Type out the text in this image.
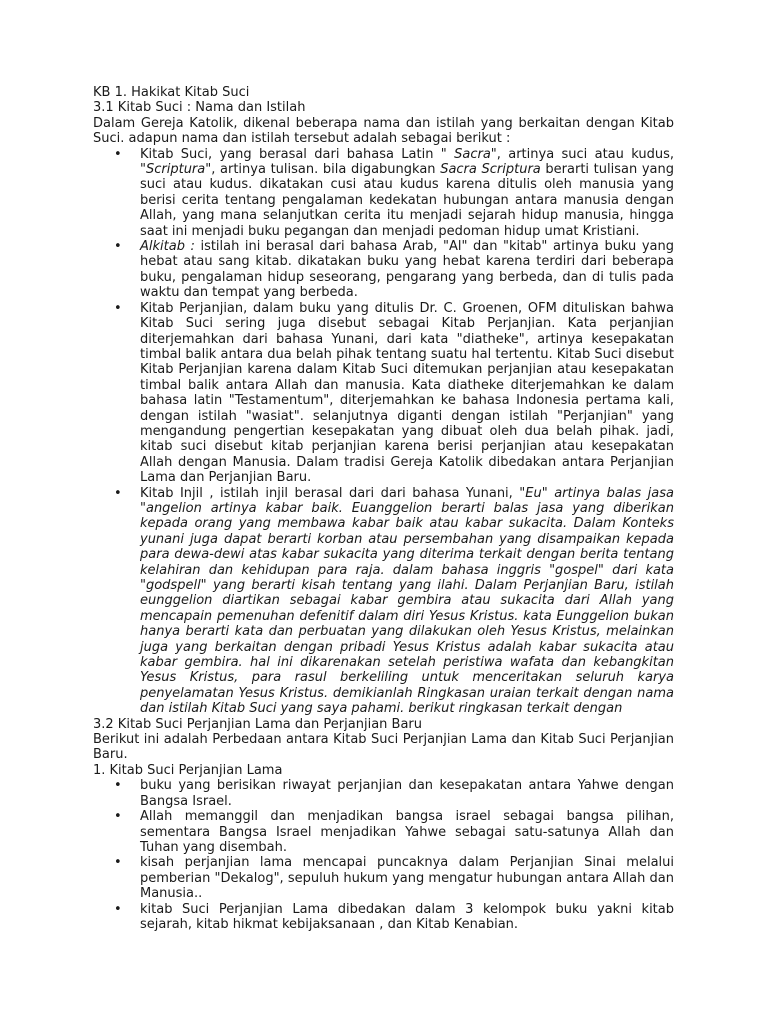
KB 1. Hakikat Kitab Suci
3.1 Kitab Suci : Nama dan Istilah

Dalam Gereja Katolik, dikenal beberapa nama dan istilah yang berkaitan dengan Kitab Suci. adapun nama dan istilah tersebut adalah sebagai berikut :

• Kitab Suci, yang berasal dari bahasa Latin " Sacra", artinya suci atau kudus, "Scriptura", artinya tulisan. bila digabungkan Sacra Scriptura berarti tulisan yang suci atau kudus. dikatakan cusi atau kudus karena ditulis oleh manusia yang berisi cerita tentang pengalaman kedekatan hubungan antara manusia dengan Allah, yang mana selanjutkan cerita itu menjadi sejarah hidup manusia, hingga saat ini menjadi buku pegangan dan menjadi pedoman hidup umat Kristiani.
• Alkitab : istilah ini berasal dari bahasa Arab, "Al" dan "kitab" artinya buku yang hebat atau sang kitab. dikatakan buku yang hebat karena terdiri dari beberapa buku, pengalaman hidup seseorang, pengarang yang berbeda, dan di tulis pada waktu dan tempat yang berbeda.
• Kitab Perjanjian, dalam buku yang ditulis Dr. C. Groenen, OFM dituliskan bahwa Kitab Suci sering juga disebut sebagai Kitab Perjanjian. Kata perjanjian diterjemahkan dari bahasa Yunani, dari kata "diatheke", artinya kesepakatan timbal balik antara dua belah pihak tentang suatu hal tertentu. Kitab Suci disebut Kitab Perjanjian karena dalam Kitab Suci ditemukan perjanjian atau kesepakatan timbal balik antara Allah dan manusia. Kata diatheke diterjemahkan ke dalam bahasa latin "Testamentum", diterjemahkan ke bahasa Indonesia pertama kali, dengan istilah "wasiat". selanjutnya diganti dengan istilah "Perjanjian" yang mengandung pengertian kesepakatan yang dibuat oleh dua belah pihak. jadi, kitab suci disebut kitab perjanjian karena berisi perjanjian atau kesepakatan Allah dengan Manusia. Dalam tradisi Gereja Katolik dibedakan antara Perjanjian Lama dan Perjanjian Baru.
• Kitab Injil , istilah injil berasal dari dari bahasa Yunani, "Eu" artinya balas jasa "angelion artinya kabar baik. Euanggelion berarti balas jasa yang diberikan kepada orang yang membawa kabar baik atau kabar sukacita. Dalam Konteks yunani juga dapat berarti korban atau persembahan yang disampaikan kepada para dewa-dewi atas kabar sukacita yang diterima terkait dengan berita tentang kelahiran dan kehidupan para raja. dalam bahasa inggris "gospel" dari kata "godspell" yang berarti kisah tentang yang ilahi. Dalam Perjanjian Baru, istilah eunggelion diartikan sebagai kabar gembira atau sukacita dari Allah yang mencapain pemenuhan defenitif dalam diri Yesus Kristus. kata Eunggelion bukan hanya berarti kata dan perbuatan yang dilakukan oleh Yesus Kristus, melainkan juga yang berkaitan dengan pribadi Yesus Kristus adalah kabar sukacita atau kabar gembira. hal ini dikarenakan setelah peristiwa wafata dan kebangkitan Yesus Kristus, para rasul berkeliling untuk menceritakan seluruh karya penyelamatan Yesus Kristus. demikianlah Ringkasan uraian terkait dengan nama dan istilah Kitab Suci yang saya pahami. berikut ringkasan terkait dengan
3.2 Kitab Suci Perjanjian Lama dan Perjanjian Baru

Berikut ini adalah Perbedaan antara Kitab Suci Perjanjian Lama dan Kitab Suci Perjanjian Baru.

1. Kitab Suci Perjanjian Lama
• buku yang berisikan riwayat perjanjian dan kesepakatan antara Yahwe dengan Bangsa Israel.
• Allah memanggil dan menjadikan bangsa israel sebagai bangsa pilihan, sementara Bangsa Israel menjadikan Yahwe sebagai satu-satunya Allah dan Tuhan yang disembah.
• kisah perjanjian lama mencapai puncaknya dalam Perjanjian Sinai melalui pemberian "Dekalog", sepuluh hukum yang mengatur hubungan antara Allah dan Manusia..
• kitab Suci Perjanjian Lama dibedakan dalam 3 kelompok buku yakni kitab sejarah, kitab hikmat kebijaksanaan , dan Kitab Kenabian.
